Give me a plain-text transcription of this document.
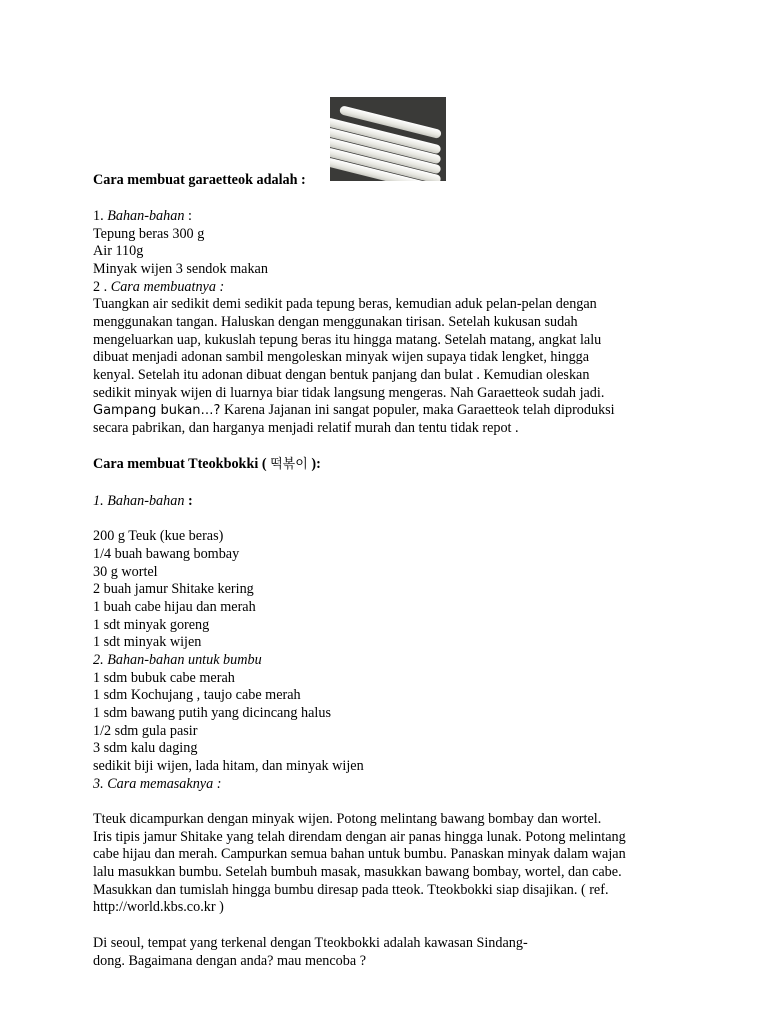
Cara membuat garaetteok adalah :
1. Bahan-bahan :
Tepung beras 300 g
Air 110g
Minyak wijen 3 sendok makan
2 . Cara membuatnya :
Tuangkan air sedikit demi sedikit pada tepung beras, kemudian aduk pelan-pelan dengan
menggunakan tangan. Haluskan dengan menggunakan tirisan. Setelah kukusan sudah
mengeluarkan uap, kukuslah tepung beras itu hingga matang. Setelah matang, angkat lalu
dibuat menjadi adonan sambil mengoleskan minyak wijen supaya tidak lengket, hingga
kenyal. Setelah itu adonan dibuat dengan bentuk panjang dan bulat . Kemudian oleskan
sedikit minyak wijen di luarnya biar tidak langsung mengeras. Nah Garaetteok sudah jadi.
Gampang bukan…? Karena Jajanan ini sangat populer, maka Garaetteok telah diproduksi
secara pabrikan, dan harganya menjadi relatif murah dan tentu tidak repot .
Cara membuat Tteokbokki ( 떡볶이 ):
1. Bahan-bahan :
200 g Teuk (kue beras)
1/4 buah bawang bombay
30 g wortel
2 buah jamur Shitake kering
1 buah cabe hijau dan merah
1 sdt minyak goreng
1 sdt minyak wijen
2. Bahan-bahan untuk bumbu
1 sdm bubuk cabe merah
1 sdm Kochujang , taujo cabe merah
1 sdm bawang putih yang dicincang halus
1/2 sdm gula pasir
3 sdm kalu daging
sedikit biji wijen, lada hitam, dan minyak wijen
3. Cara memasaknya :
Tteuk dicampurkan dengan minyak wijen. Potong melintang bawang bombay dan wortel.
Iris tipis jamur Shitake yang telah direndam dengan air panas hingga lunak. Potong melintang
cabe hijau dan merah. Campurkan semua bahan untuk bumbu. Panaskan minyak dalam wajan
lalu masukkan bumbu. Setelah bumbuh masak, masukkan bawang bombay, wortel, dan cabe.
Masukkan dan tumislah hingga bumbu diresap pada tteok. Tteokbokki siap disajikan. ( ref.
http://world.kbs.co.kr )
Di seoul, tempat yang terkenal dengan Tteokbokki adalah kawasan Sindang-
dong. Bagaimana dengan anda? mau mencoba ?
